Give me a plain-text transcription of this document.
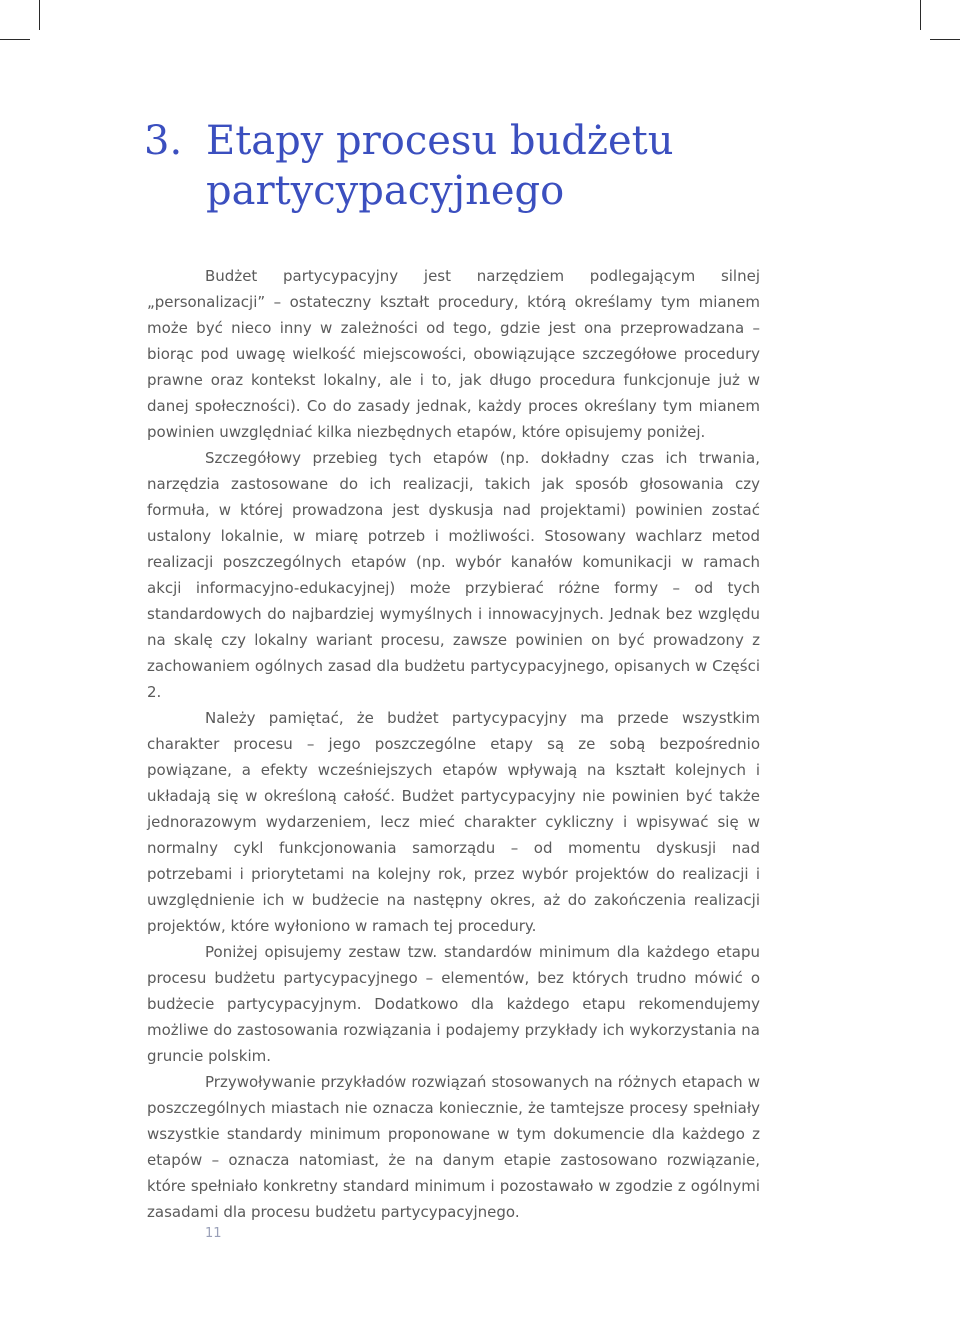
3. Etapy procesu budżetu partycypacyjnego

Budżet partycypacyjny jest narzędziem podlegającym silnej „personalizacji” – ostateczny kształt procedury, którą określamy tym mianem może być nieco inny w zależności od tego, gdzie jest ona przeprowadzana – biorąc pod uwagę wielkość miejscowości, obowiązujące szczegółowe procedury prawne oraz kontekst lokalny, ale i to, jak długo procedura funkcjonuje już w danej społeczności). Co do zasady jednak, każdy proces określany tym mianem powinien uwzględniać kilka niezbędnych etapów, które opisujemy poniżej.

Szczegółowy przebieg tych etapów (np. dokładny czas ich trwania, narzędzia zastosowane do ich realizacji, takich jak sposób głosowania czy formuła, w której prowadzona jest dyskusja nad projektami) powinien zostać ustalony lokalnie, w miarę potrzeb i możliwości. Stosowany wachlarz metod realizacji poszczególnych etapów (np. wybór kanałów komunikacji w ramach akcji informacyjno-edukacyjnej) może przybierać różne formy – od tych standardowych do najbardziej wymyślnych i innowacyjnych. Jednak bez względu na skalę czy lokalny wariant procesu, zawsze powinien on być prowadzony z zachowaniem ogólnych zasad dla budżetu partycypacyjnego, opisanych w Części 2.

Należy pamiętać, że budżet partycypacyjny ma przede wszystkim charakter procesu – jego poszczególne etapy są ze sobą bezpośrednio powiązane, a efekty wcześniejszych etapów wpływają na kształt kolejnych i układają się w określoną całość. Budżet partycypacyjny nie powinien być także jednorazowym wydarzeniem, lecz mieć charakter cykliczny i wpisywać się w normalny cykl funkcjonowania samorządu – od momentu dyskusji nad potrzebami i priorytetami na kolejny rok, przez wybór projektów do realizacji i uwzględnienie ich w budżecie na następny okres, aż do zakończenia realizacji projektów, które wyłoniono w ramach tej procedury.

Poniżej opisujemy zestaw tzw. standardów minimum dla każdego etapu procesu budżetu partycypacyjnego – elementów, bez których trudno mówić o budżecie partycypacyjnym. Dodatkowo dla każdego etapu rekomendujemy możliwe do zastosowania rozwiązania i podajemy przykłady ich wykorzystania na gruncie polskim.

Przywoływanie przykładów rozwiązań stosowanych na różnych etapach w poszczególnych miastach nie oznacza koniecznie, że tamtejsze procesy spełniały wszystkie standardy minimum proponowane w tym dokumencie dla każdego z etapów – oznacza natomiast, że na danym etapie zastosowano rozwiązanie, które spełniało konkretny standard minimum i pozostawało w zgodzie z ogólnymi zasadami dla procesu budżetu partycypacyjnego.

11
